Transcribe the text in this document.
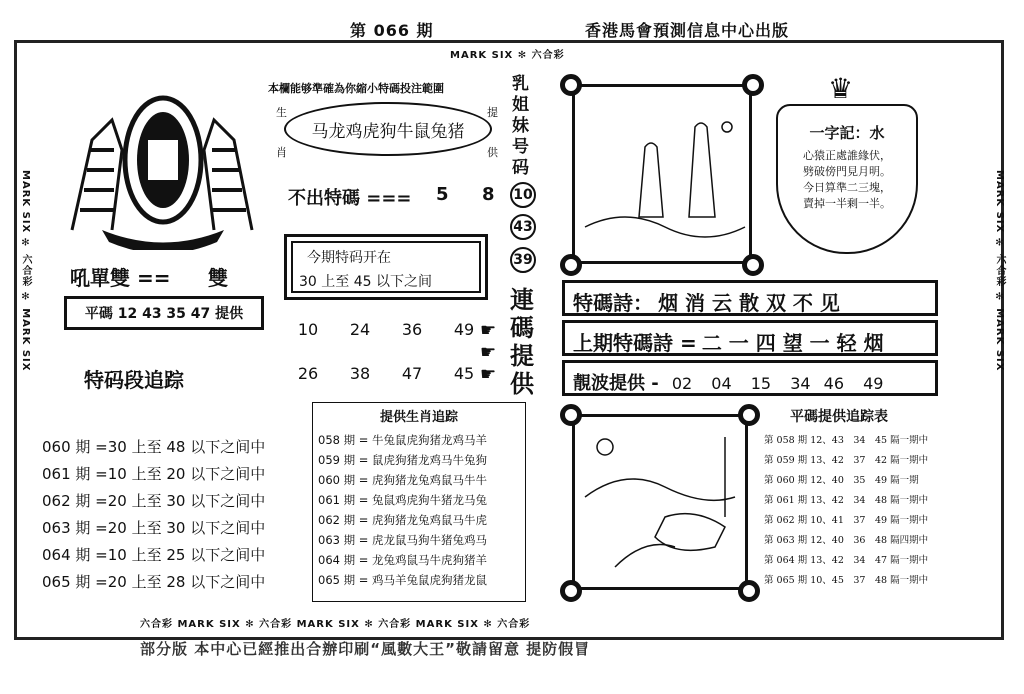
第 066 期	香港馬會預測信息中心出版
MARK SIX ✻ 六合彩
六合彩 MARK SIX ✻ 六合彩 MARK SIX ✻ 六合彩 MARK SIX ✻ 六合彩
MARK SIX ✻ 六合彩 ✻ MARK SIX
MARK SIX ✻ 六合彩 ✻ MARK SIX
本欄能够準確為你縮小特碼投注範圍
生	提
肖	供
马龙鸡虎狗牛鼠兔猪
不出特碼 === 5 8
乳
姐
妹
号
码
10
43
39
吼單雙 == 雙
今期特码开在
30 上至 45 以下之间
平碼 12 43 35 47 提供
10 24 36 49
特码段追踪	26 38 47 45
☛
☛
☛
連
碼
提
供
♛
一字記：水
心猿正處誰緣伏，
劈破傍門見月明。
今日算準二三塊，
賣掉一半剩一半。
特碼詩： 烟 消 云 散 双 不 见
上期特碼詩 = 二 一 四 望 一 轻 烟
靚波提供 - 02 04 15 34 46 49
060 期 =30 上至 48 以下之间中
061 期 =10 上至 20 以下之间中
062 期 =20 上至 30 以下之间中
063 期 =20 上至 30 以下之间中
064 期 =10 上至 25 以下之间中
065 期 =20 上至 28 以下之间中
提供生肖追踪
058 期 = 牛兔鼠虎狗猪龙鸡马羊
059 期 = 鼠虎狗猪龙鸡马牛兔狗
060 期 = 虎狗猪龙兔鸡鼠马牛牛
061 期 = 兔鼠鸡虎狗牛猪龙马兔
062 期 = 虎狗猪龙兔鸡鼠马牛虎
063 期 = 虎龙鼠马狗牛猪兔鸡马
064 期 = 龙兔鸡鼠马牛虎狗猪羊
065 期 = 鸡马羊兔鼠虎狗猪龙鼠
平碼提供追踪表
第 058 期 12、43　34　45 隔一期中
第 059 期 13、42　37　42 隔一期中
第 060 期 12、40　35　49 隔一期
第 061 期 13、42　34　48 隔一期中
第 062 期 10、41　37　49 隔一期中
第 063 期 12、40　36　48 隔四期中
第 064 期 13、42　34　47 隔一期中
第 065 期 10、45　37　48 隔一期中
部分版 本中心已經推出合辦印刷“風數大王”敬請留意 提防假冒
